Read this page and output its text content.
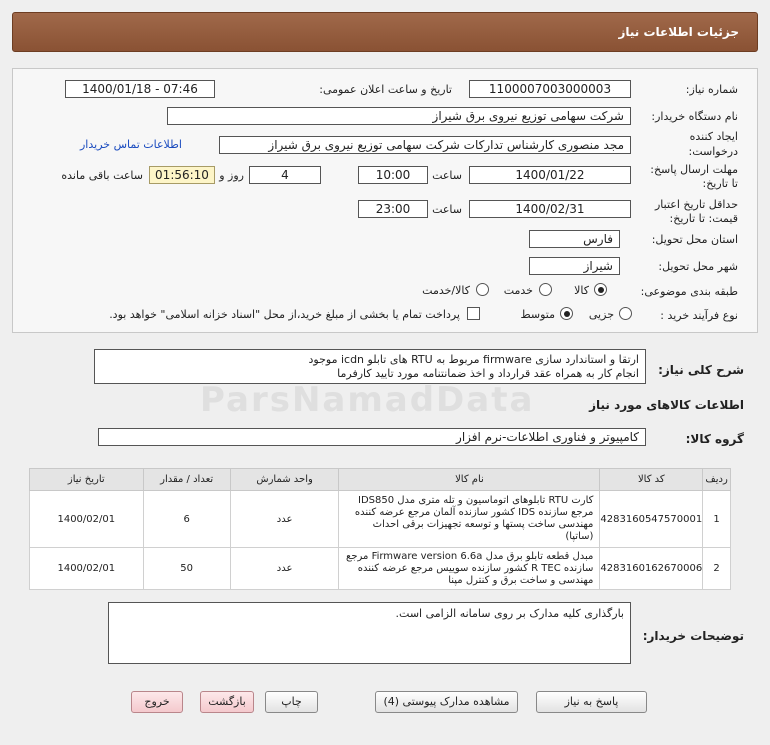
جزئیات اطلاعات نیاز
شماره نیاز:
1100007003000003
تاریخ و ساعت اعلان عمومی:
1400/01/18 - 07:46
نام دستگاه خریدار:
شرکت سهامی توزیع نیروی برق شیراز
ایجاد کننده
درخواست:
مجد منصوری کارشناس تدارکات شرکت سهامی توزیع نیروی برق شیراز
اطلاعات تماس خریدار
مهلت ارسال پاسخ:
تا تاریخ:
1400/01/22
ساعت
10:00
4
روز و
01:56:10
ساعت باقی مانده
حداقل تاریخ اعتبار
قیمت: تا تاریخ:
1400/02/31
ساعت
23:00
استان محل تحویل:
فارس
شهر محل تحویل:
شیراز
طبقه بندی موضوعی:
کالا
خدمت
کالا/خدمت
نوع فرآیند خرید :
جزیی
متوسط
پرداخت تمام یا بخشی از مبلغ خرید،از محل "اسناد خزانه اسلامی" خواهد بود.
ParsNamadData
شرح کلی نیاز:
ارتقا و استاندارد سازی firmware مربوط به RTU های تابلو icdn موجود
انجام کار به همراه عقد قرارداد و اخذ ضمانتنامه مورد تایید کارفرما
اطلاعات کالاهای مورد نیاز
گروه کالا:
کامپیوتر و فناوری اطلاعات-نرم افزار
ردیف	کد کالا	نام کالا	واحد شمارش	تعداد / مقدار	تاریخ نیاز
1	4283160547570001	کارت RTU تابلوهای اتوماسیون و تله متری مدل IDS850 مرجع سازنده IDS کشور سازنده آلمان مرجع عرضه کننده مهندسی ساخت پستها و توسعه تجهیزات برقی احداث (ساتپا)	عدد	6	1400/02/01
2	4283160162670006	مبدل قطعه تابلو برق مدل Firmware version 6.6a مرجع سازنده R TEC کشور سازنده سوییس مرجع عرضه کننده مهندسی و ساخت برق و کنترل مپنا	عدد	50	1400/02/01
توضیحات خریدار:
بارگذاری کلیه مدارک بر روی سامانه الزامی است.
پاسخ به نیاز
مشاهده مدارک پیوستی (4)
چاپ
بازگشت
خروج
